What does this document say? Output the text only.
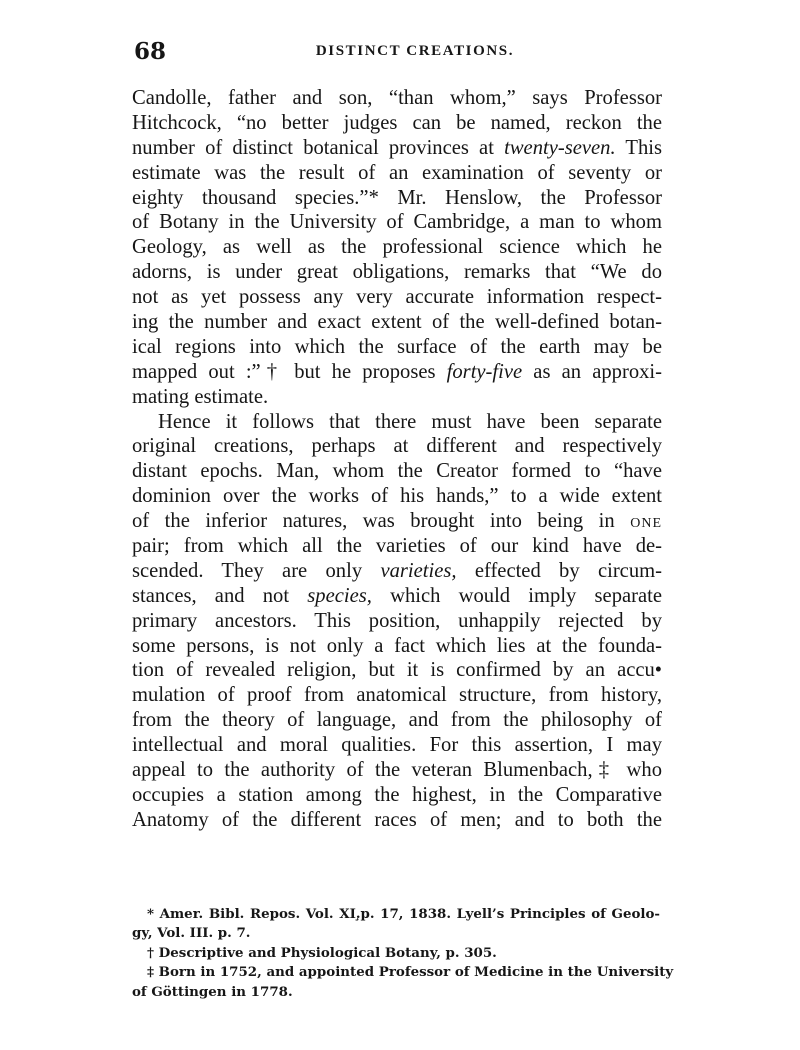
68	DISTINCT CREATIONS.
Candolle, father and son, “than whom,” says Professor
Hitchcock, “no better judges can be named, reckon the
number of distinct botanical provinces at twenty-seven. This
estimate was the result of an examination of seventy or
eighty thousand species.”* Mr. Henslow, the Professor
of Botany in the University of Cambridge, a man to whom
Geology, as well as the professional science which he
adorns, is under great obligations, remarks that “We do
not as yet possess any very accurate information respect-
ing the number and exact extent of the well-defined botan-
ical regions into which the surface of the earth may be
mapped out :”† but he proposes forty-five as an approxi-
mating estimate.
Hence it follows that there must have been separate
original creations, perhaps at different and respectively
distant epochs. Man, whom the Creator formed to “have
dominion over the works of his hands,” to a wide extent
of the inferior natures, was brought into being in ONE
pair; from which all the varieties of our kind have de-
scended. They are only varieties, effected by circum-
stances, and not species, which would imply separate
primary ancestors. This position, unhappily rejected by
some persons, is not only a fact which lies at the founda-
tion of revealed religion, but it is confirmed by an accu•
mulation of proof from anatomical structure, from history,
from the theory of language, and from the philosophy of
intellectual and moral qualities. For this assertion, I may
appeal to the authority of the veteran Blumenbach,‡ who
occupies a station among the highest, in the Comparative
Anatomy of the different races of men; and to both the
* Amer. Bibl. Repos. Vol. XI.̧p. 17, 1838. Lyell’s Principles of Geolo-
gy, Vol. III. p. 7.
† Descriptive and Physiological Botany, p. 305.
‡ Born in 1752, and appointed Professor of Medicine in the University
of Göttingen in 1778.
